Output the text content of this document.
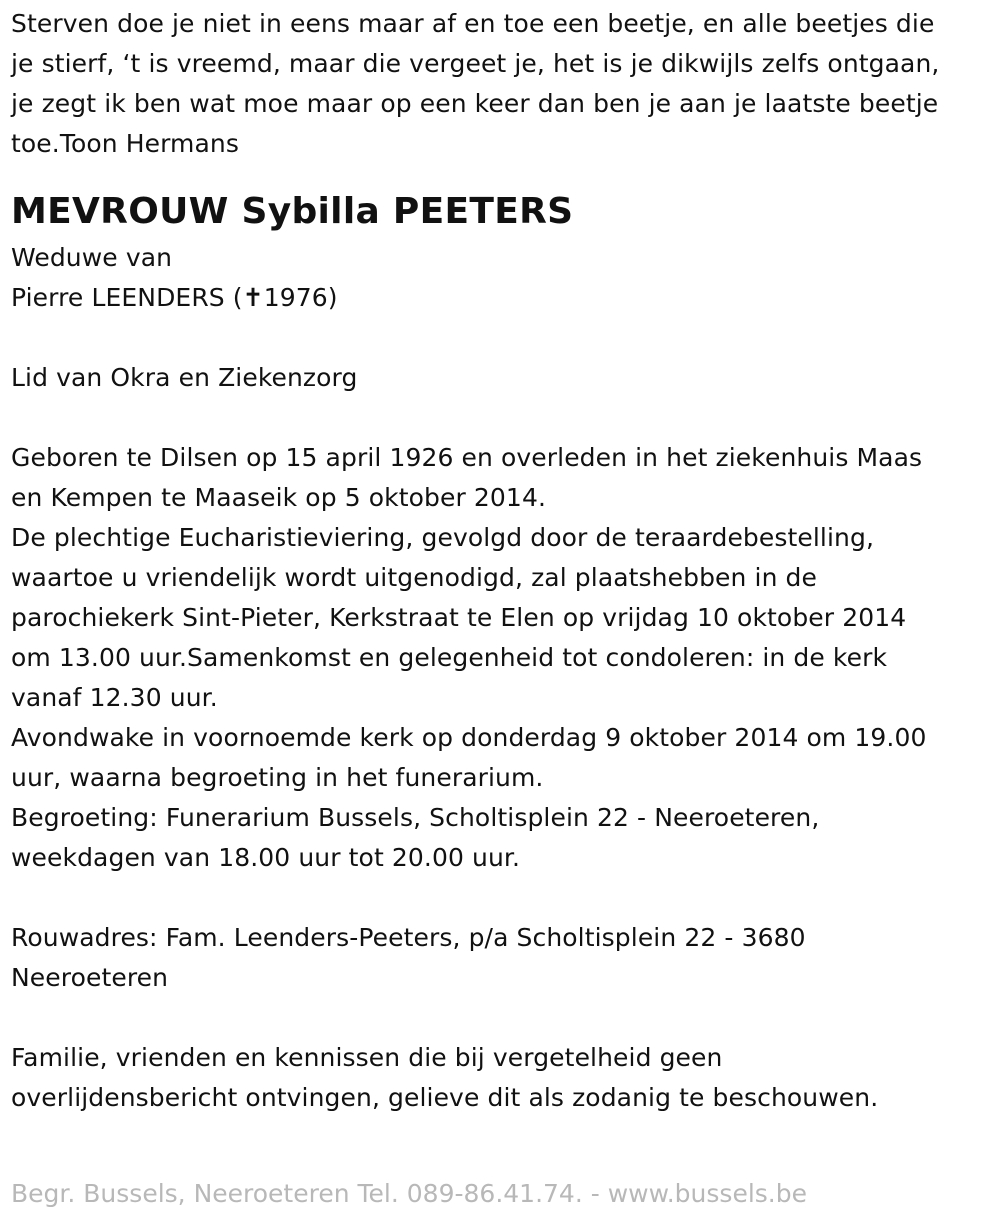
Sterven doe je niet in eens maar af en toe een beetje, en alle beetjes die
je stierf, ‘t is vreemd, maar die vergeet je, het is je dikwijls zelfs ontgaan,
je zegt ik ben wat moe maar op een keer dan ben je aan je laatste beetje
toe.Toon Hermans
MEVROUW Sybilla PEETERS
Weduwe van
Pierre LEENDERS (✝1976)
Lid van Okra en Ziekenzorg
Geboren te Dilsen op 15 april 1926 en overleden in het ziekenhuis Maas
en Kempen te Maaseik op 5 oktober 2014.
De plechtige Eucharistieviering, gevolgd door de teraardebestelling,
waartoe u vriendelijk wordt uitgenodigd, zal plaatshebben in de
parochiekerk Sint-Pieter, Kerkstraat te Elen op vrijdag 10 oktober 2014
om 13.00 uur.Samenkomst en gelegenheid tot condoleren: in de kerk
vanaf 12.30 uur.
Avondwake in voornoemde kerk op donderdag 9 oktober 2014 om 19.00
uur, waarna begroeting in het funerarium.
Begroeting: Funerarium Bussels, Scholtisplein 22 - Neeroeteren,
weekdagen van 18.00 uur tot 20.00 uur.
Rouwadres: Fam. Leenders-Peeters, p/a Scholtisplein 22 - 3680
Neeroeteren
Familie, vrienden en kennissen die bij vergetelheid geen
overlijdensbericht ontvingen, gelieve dit als zodanig te beschouwen.
Begr. Bussels, Neeroeteren Tel. 089-86.41.74. - www.bussels.be
